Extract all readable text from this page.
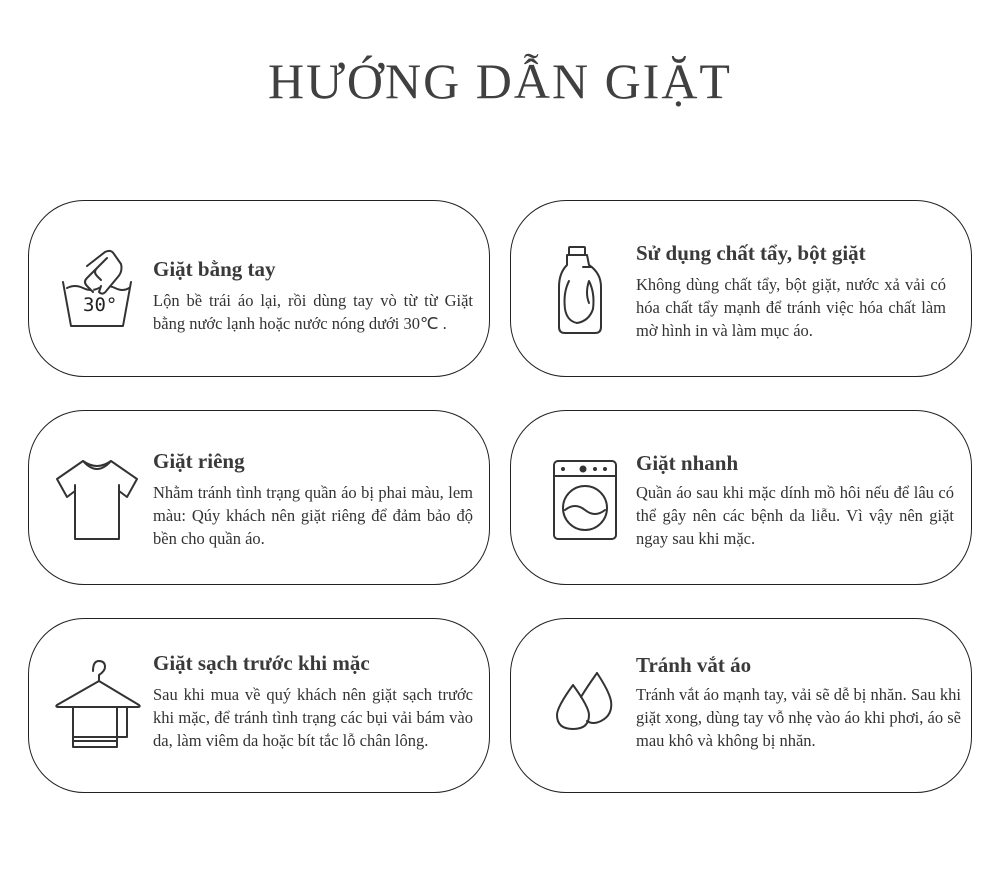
HƯỚNG DẪN GIẶT
30°
Giặt bằng tay
Lộn bề trái áo lại, rồi dùng tay vò từ từ Giặt bằng nước lạnh hoặc nước nóng dưới 30℃ .
Sử dụng chất tẩy, bột giặt
Không dùng chất tẩy, bột giặt, nước xả vải có hóa chất tẩy mạnh để tránh việc hóa chất làm mờ hình in và làm mục áo.
Giặt riêng
Nhằm tránh tình trạng quần áo bị phai màu, lem màu: Qúy khách nên giặt riêng để đảm bảo độ bền cho quần áo.
Giặt nhanh
Quần áo sau khi mặc dính mồ hôi nếu để lâu có thể gây nên các bệnh da liễu. Vì vậy nên giặt ngay sau khi mặc.
Giặt sạch trước khi mặc
Sau khi mua về quý khách nên giặt sạch trước khi mặc, để tránh tình trạng các bụi vải bám vào da, làm viêm da hoặc bít tắc lỗ chân lông.
Tránh vắt áo
Tránh vắt áo mạnh tay, vải sẽ dễ bị nhăn. Sau khi giặt xong, dùng tay vỗ nhẹ vào áo khi phơi, áo sẽ mau khô và không bị nhăn.
